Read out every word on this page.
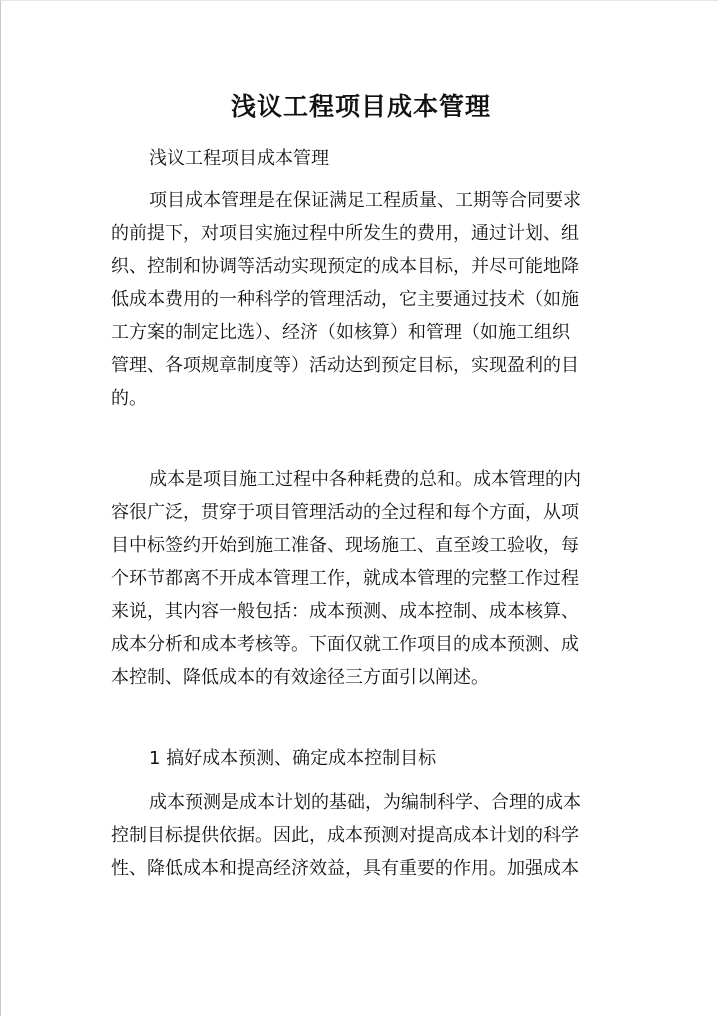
浅议工程项目成本管理
浅议工程项目成本管理
项目成本管理是在保证满足工程质量、工期等合同要求
的前提下，对项目实施过程中所发生的费用，通过计划、组
织、控制和协调等活动实现预定的成本目标，并尽可能地降
低成本费用的一种科学的管理活动，它主要通过技术（如施
工方案的制定比选）、经济（如核算）和管理（如施工组织
管理、各项规章制度等）活动达到预定目标，实现盈利的目
的。
成本是项目施工过程中各种耗费的总和。成本管理的内
容很广泛，贯穿于项目管理活动的全过程和每个方面，从项
目中标签约开始到施工准备、现场施工、直至竣工验收，每
个环节都离不开成本管理工作，就成本管理的完整工作过程
来说，其内容一般包括：成本预测、成本控制、成本核算、
成本分析和成本考核等。下面仅就工作项目的成本预测、成
本控制、降低成本的有效途径三方面引以阐述。
1 搞好成本预测、确定成本控制目标
成本预测是成本计划的基础，为编制科学、合理的成本
控制目标提供依据。因此，成本预测对提高成本计划的科学
性、降低成本和提高经济效益，具有重要的作用。加强成本
